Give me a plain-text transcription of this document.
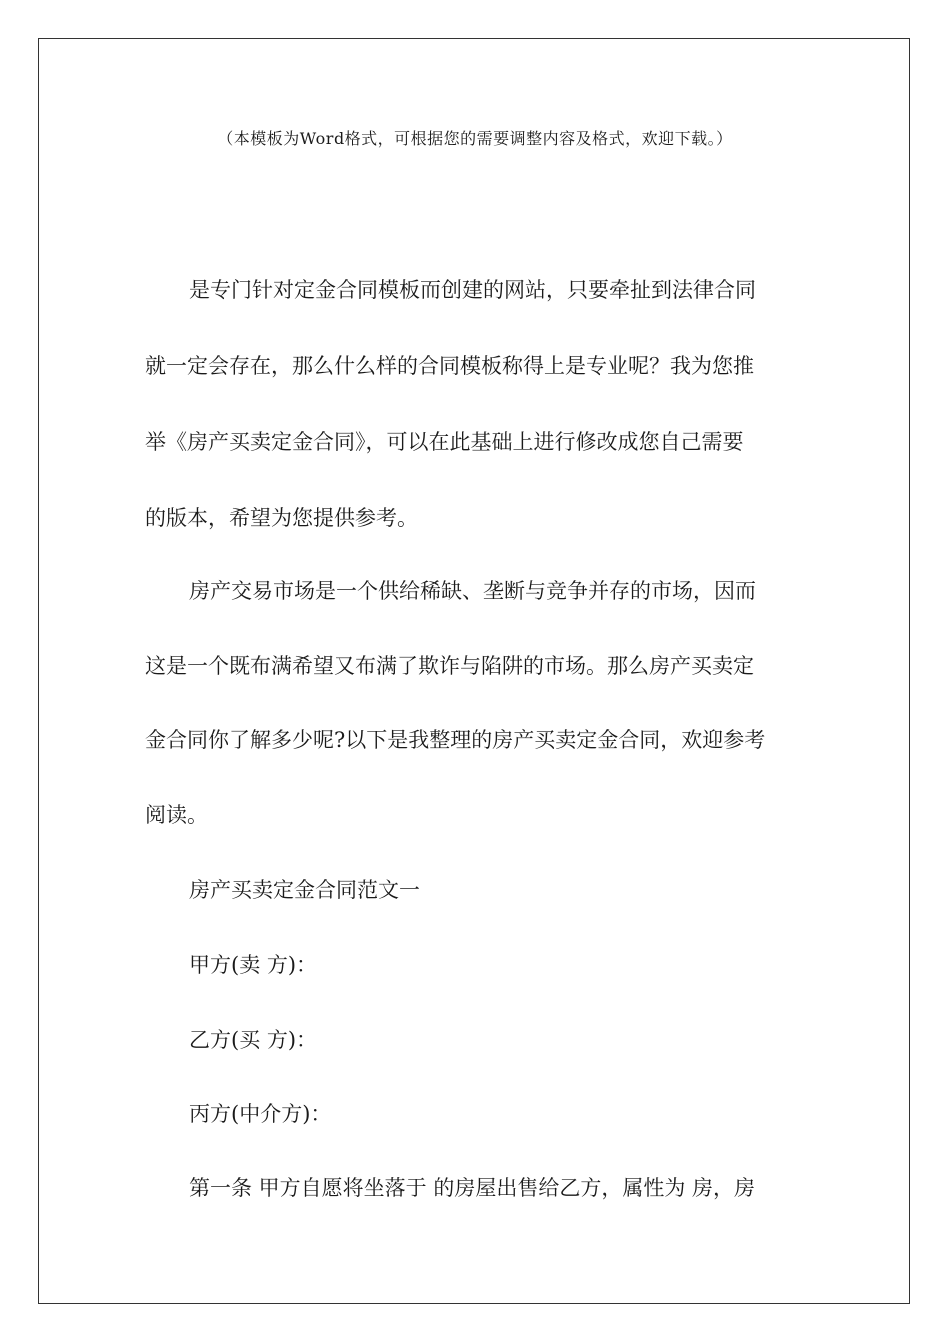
（本模板为Word格式，可根据您的需要调整内容及格式，欢迎下载。）
是专门针对定金合同模板而创建的网站，只要牵扯到法律合同
就一定会存在，那么什么样的合同模板称得上是专业呢？我为您推
举《房产买卖定金合同》，可以在此基础上进行修改成您自己需要
的版本，希望为您提供参考。
房产交易市场是一个供给稀缺、垄断与竞争并存的市场，因而
这是一个既布满希望又布满了欺诈与陷阱的市场。那么房产买卖定
金合同你了解多少呢?以下是我整理的房产买卖定金合同，欢迎参考
阅读。
房产买卖定金合同范文一
甲方(卖 方)：
乙方(买 方)：
丙方(中介方)：
第一条 甲方自愿将坐落于 的房屋出售给乙方，属性为 房，房
